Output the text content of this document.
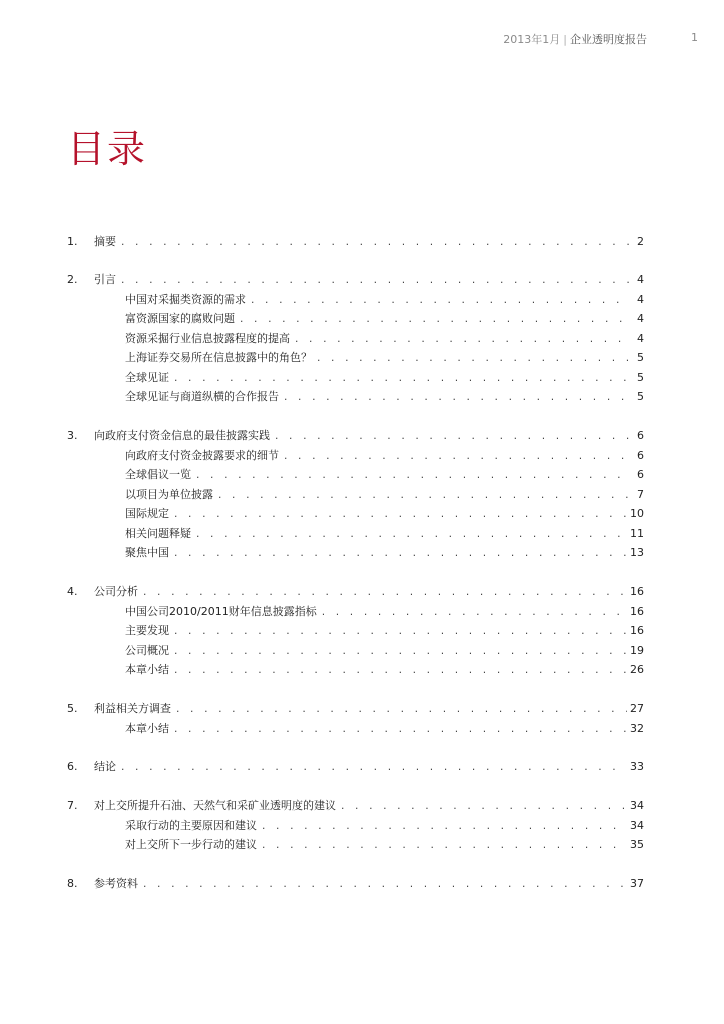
2013年1月 | 企业透明度报告	1
目录
1.	摘要 . . .	2
2.	引言 . . .	4
中国对采掘类资源的需求 . . .	4
富资源国家的腐败问题 . . .	4
资源采掘行业信息披露程度的提高 . . .	4
上海证券交易所在信息披露中的角色？ . . .	5
全球见证 . . .	5
全球见证与商道纵横的合作报告 . . .	5
3.	向政府支付资金信息的最佳披露实践 . . .	6
向政府支付资金披露要求的细节 . . .	6
全球倡议一览 . . .	6
以项目为单位披露 . . .	7
国际规定 . . .	10
相关问题释疑 . . .	11
聚焦中国 . . .	13
4.	公司分析 . . .	16
中国公司2010/2011财年信息披露指标 . . .	16
主要发现 . . .	16
公司概况 . . .	19
本章小结 . . .	26
5.	利益相关方调查 . . .	27
本章小结 . . .	32
6.	结论 . . .	33
7.	对上交所提升石油、天然气和采矿业透明度的建议 . . .	34
采取行动的主要原因和建议 . . .	34
对上交所下一步行动的建议 . . .	35
8.	参考资料 . . .	37
